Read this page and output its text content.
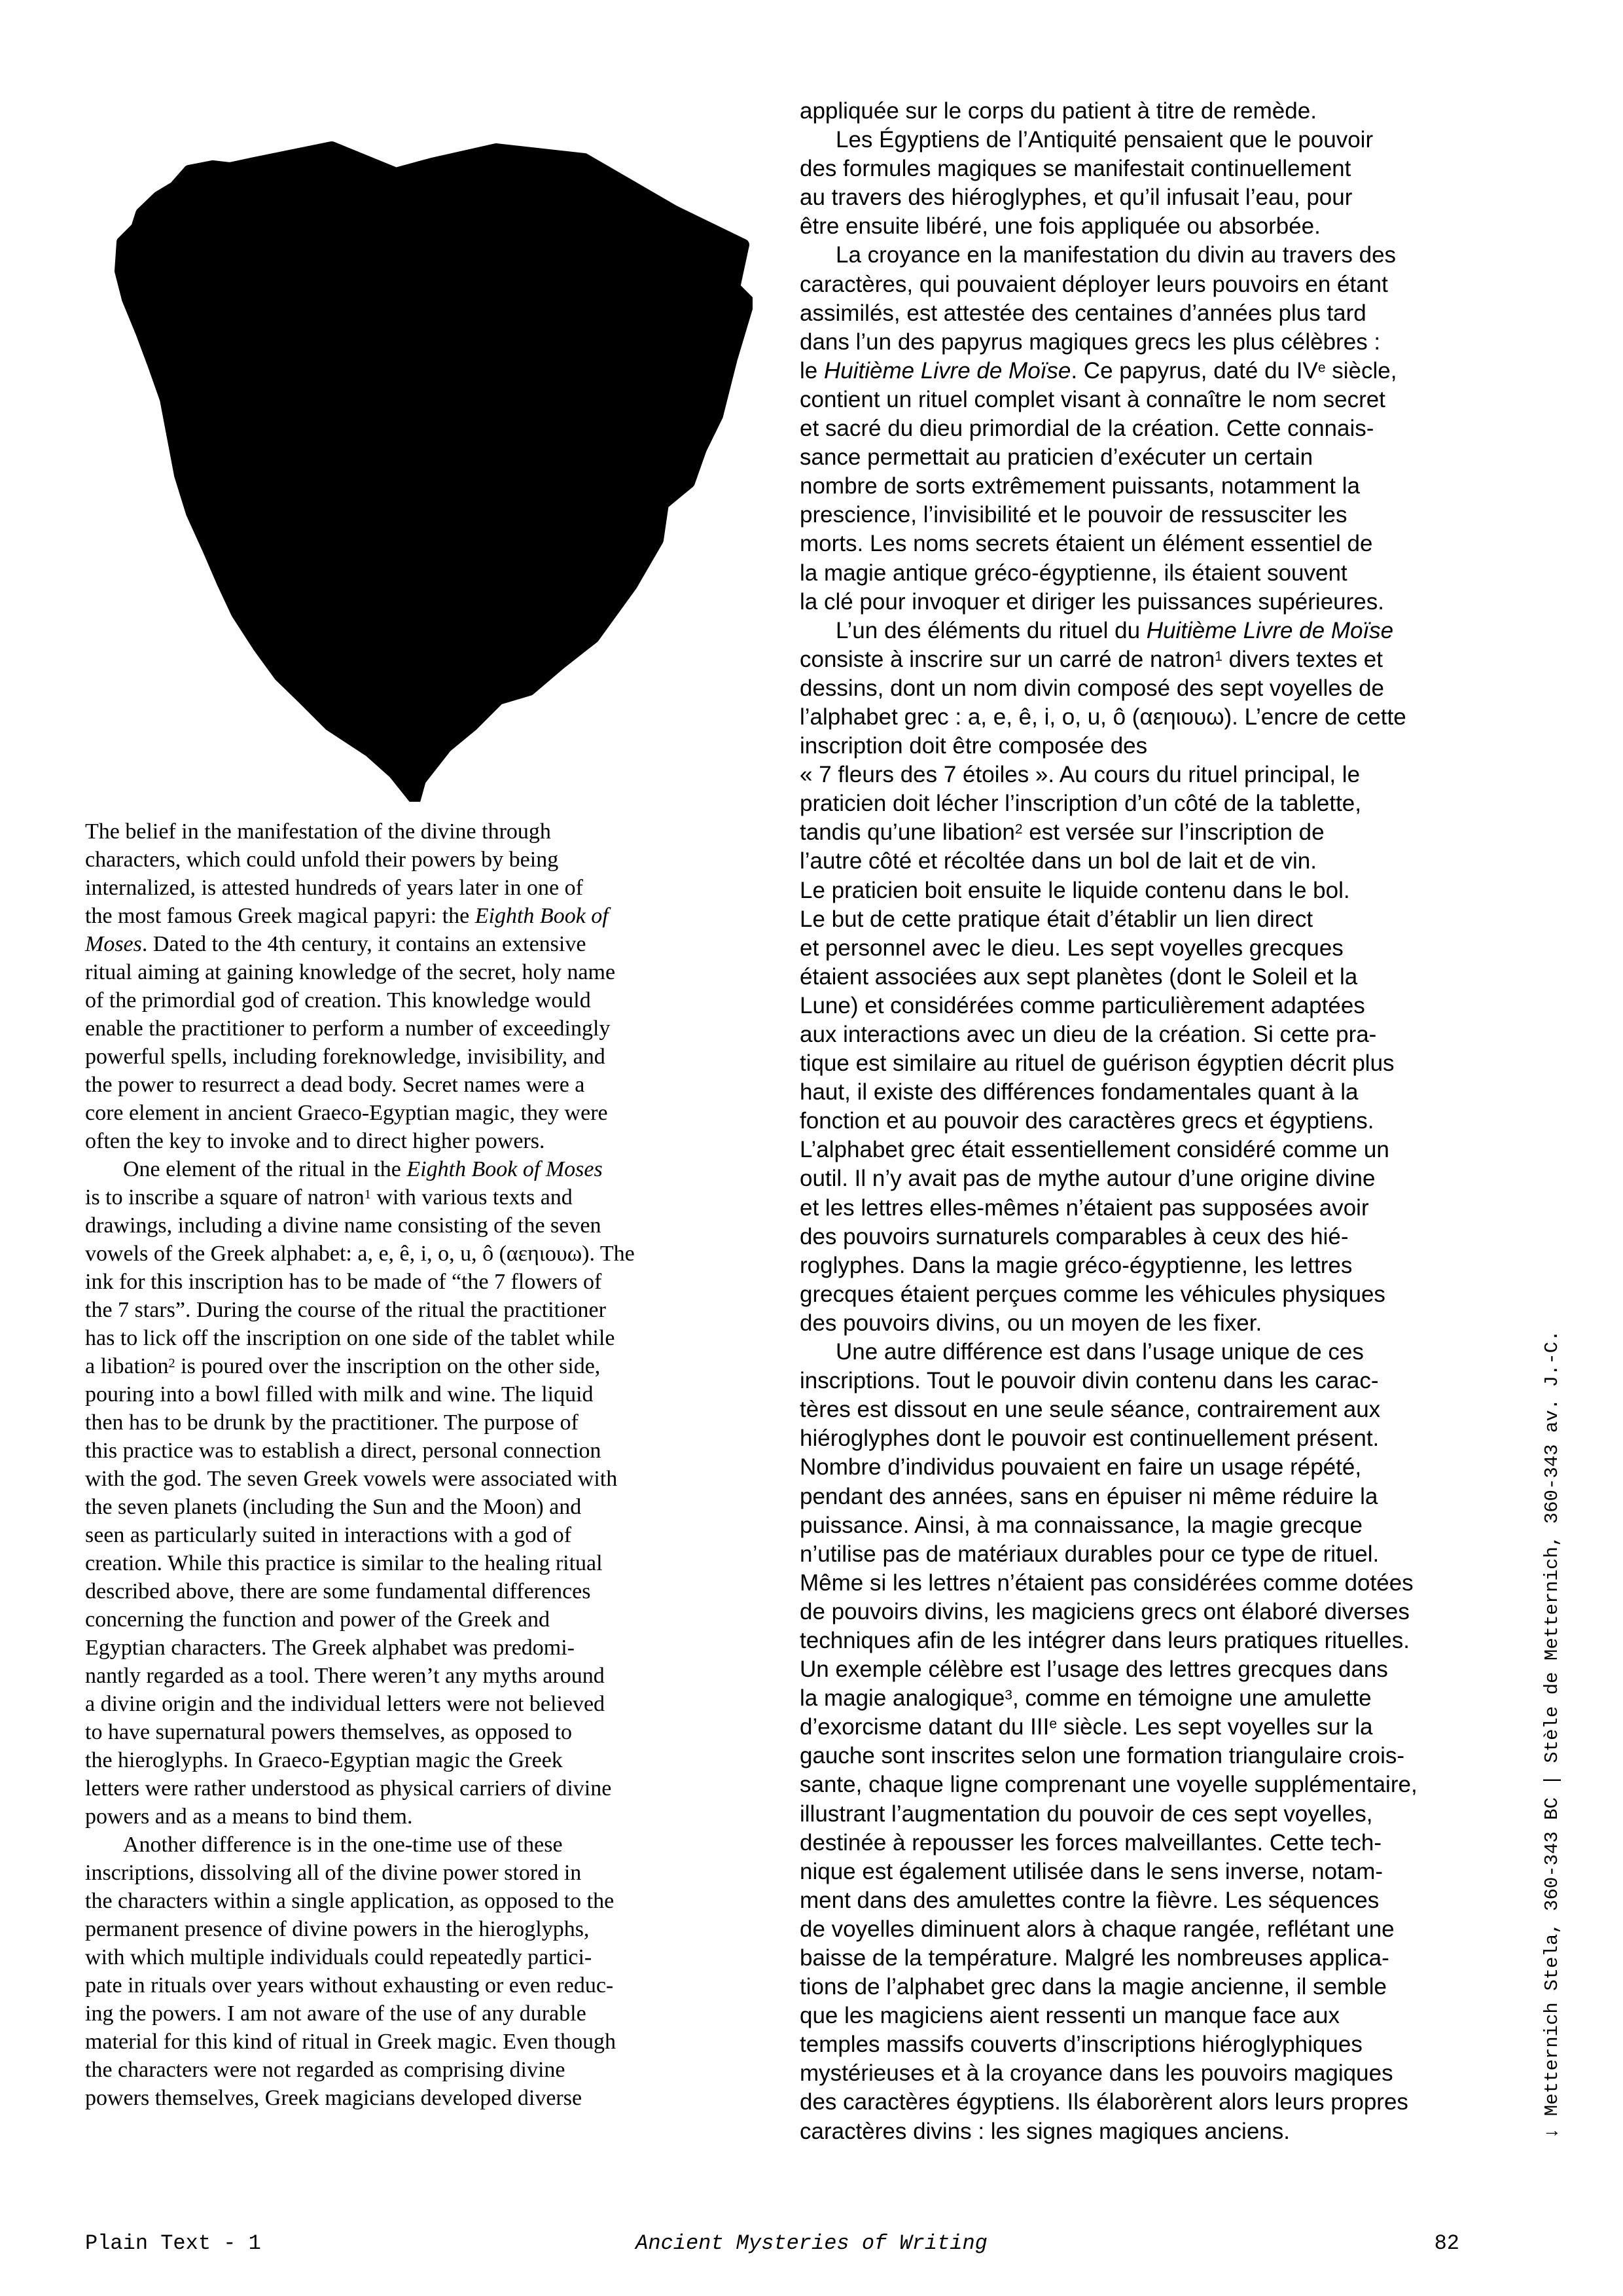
The belief in the manifestation of the divine through
characters, which could unfold their powers by being
internalized, is attested hundreds of years later in one of
the most famous Greek magical papyri: the Eighth Book of
Moses. Dated to the 4th century, it contains an extensive
ritual aiming at gaining knowledge of the secret, holy name
of the primordial god of creation. This knowledge would
enable the practitioner to perform a number of exceedingly
powerful spells, including foreknowledge, invisibility, and
the power to resurrect a dead body. Secret names were a
core element in ancient Graeco-Egyptian magic, they were
often the key to invoke and to direct higher powers.
One element of the ritual in the Eighth Book of Moses
is to inscribe a square of natron$^1$ with various texts and
drawings, including a divine name consisting of the seven
vowels of the Greek alphabet: a, e, ê, i, o, u, ô (αεηιουω). The
ink for this inscription has to be made of “the 7 flowers of
the 7 stars”. During the course of the ritual the practitioner
has to lick off the inscription on one side of the tablet while
a libation$^2$ is poured over the inscription on the other side,
pouring into a bowl filled with milk and wine. The liquid
then has to be drunk by the practitioner. The purpose of
this practice was to establish a direct, personal connection
with the god. The seven Greek vowels were associated with
the seven planets (including the Sun and the Moon) and
seen as particularly suited in interactions with a god of
creation. While this practice is similar to the healing ritual
described above, there are some fundamental differences
concerning the function and power of the Greek and
Egyptian characters. The Greek alphabet was predomi-
nantly regarded as a tool. There weren’t any myths around
a divine origin and the individual letters were not believed
to have supernatural powers themselves, as opposed to
the hieroglyphs. In Graeco-Egyptian magic the Greek
letters were rather understood as physical carriers of divine
powers and as a means to bind them.
Another difference is in the one-time use of these
inscriptions, dissolving all of the divine power stored in
the characters within a single application, as opposed to the
permanent presence of divine powers in the hieroglyphs,
with which multiple individuals could repeatedly partici-
pate in rituals over years without exhausting or even reduc-
ing the powers. I am not aware of the use of any durable
material for this kind of ritual in Greek magic. Even though
the characters were not regarded as comprising divine
powers themselves, Greek magicians developed diverse
appliquée sur le corps du patient à titre de remède.
Les Égyptiens de l’Antiquité pensaient que le pouvoir
des formules magiques se manifestait continuellement
au travers des hiéroglyphes, et qu’il infusait l’eau, pour
être ensuite libéré, une fois appliquée ou absorbée.
La croyance en la manifestation du divin au travers des
caractères, qui pouvaient déployer leurs pouvoirs en étant
assimilés, est attestée des centaines d’années plus tard
dans l’un des papyrus magiques grecs les plus célèbres :
le Huitième Livre de Moïse. Ce papyrus, daté du IVe siècle,
contient un rituel complet visant à connaître le nom secret
et sacré du dieu primordial de la création. Cette connais-
sance permettait au praticien d’exécuter un certain
nombre de sorts extrêmement puissants, notamment la
prescience, l’invisibilité et le pouvoir de ressusciter les
morts. Les noms secrets étaient un élément essentiel de
la magie antique gréco-égyptienne, ils étaient souvent
la clé pour invoquer et diriger les puissances supérieures.
L’un des éléments du rituel du Huitième Livre de Moïse
consiste à inscrire sur un carré de natron$^1$ divers textes et
dessins, dont un nom divin composé des sept voyelles de
l’alphabet grec : a, e, ê, i, o, u, ô (αεηιουω). L’encre de cette
inscription doit être composée des
« 7 fleurs des 7 étoiles ». Au cours du rituel principal, le
praticien doit lécher l’inscription d’un côté de la tablette,
tandis qu’une libation$^2$ est versée sur l’inscription de
l’autre côté et récoltée dans un bol de lait et de vin.
Le praticien boit ensuite le liquide contenu dans le bol.
Le but de cette pratique était d’établir un lien direct
et personnel avec le dieu. Les sept voyelles grecques
étaient associées aux sept planètes (dont le Soleil et la
Lune) et considérées comme particulièrement adaptées
aux interactions avec un dieu de la création. Si cette pra-
tique est similaire au rituel de guérison égyptien décrit plus
haut, il existe des différences fondamentales quant à la
fonction et au pouvoir des caractères grecs et égyptiens.
L’alphabet grec était essentiellement considéré comme un
outil. Il n’y avait pas de mythe autour d’une origine divine
et les lettres elles-mêmes n’étaient pas supposées avoir
des pouvoirs surnaturels comparables à ceux des hié-
roglyphes. Dans la magie gréco-égyptienne, les lettres
grecques étaient perçues comme les véhicules physiques
des pouvoirs divins, ou un moyen de les fixer.
Une autre différence est dans l’usage unique de ces
inscriptions. Tout le pouvoir divin contenu dans les carac-
tères est dissout en une seule séance, contrairement aux
hiéroglyphes dont le pouvoir est continuellement présent.
Nombre d’individus pouvaient en faire un usage répété,
pendant des années, sans en épuiser ni même réduire la
puissance. Ainsi, à ma connaissance, la magie grecque
n’utilise pas de matériaux durables pour ce type de rituel.
Même si les lettres n’étaient pas considérées comme dotées
de pouvoirs divins, les magiciens grecs ont élaboré diverses
techniques afin de les intégrer dans leurs pratiques rituelles.
Un exemple célèbre est l’usage des lettres grecques dans
la magie analogique$^3$, comme en témoigne une amulette
d’exorcisme datant du IIIe siècle. Les sept voyelles sur la
gauche sont inscrites selon une formation triangulaire crois-
sante, chaque ligne comprenant une voyelle supplémentaire,
illustrant l’augmentation du pouvoir de ces sept voyelles,
destinée à repousser les forces malveillantes. Cette tech-
nique est également utilisée dans le sens inverse, notam-
ment dans des amulettes contre la fièvre. Les séquences
de voyelles diminuent alors à chaque rangée, reflétant une
baisse de la température. Malgré les nombreuses applica-
tions de l’alphabet grec dans la magie ancienne, il semble
que les magiciens aient ressenti un manque face aux
temples massifs couverts d’inscriptions hiéroglyphiques
mystérieuses et à la croyance dans les pouvoirs magiques
des caractères égyptiens. Ils élaborèrent alors leurs propres
caractères divins : les signes magiques anciens.	↓ Metternich Stela, 360-343 BC | Stèle de Metternich, 360-343 av. J.-C.
Plain Text - 1	Ancient Mysteries of Writing	82
